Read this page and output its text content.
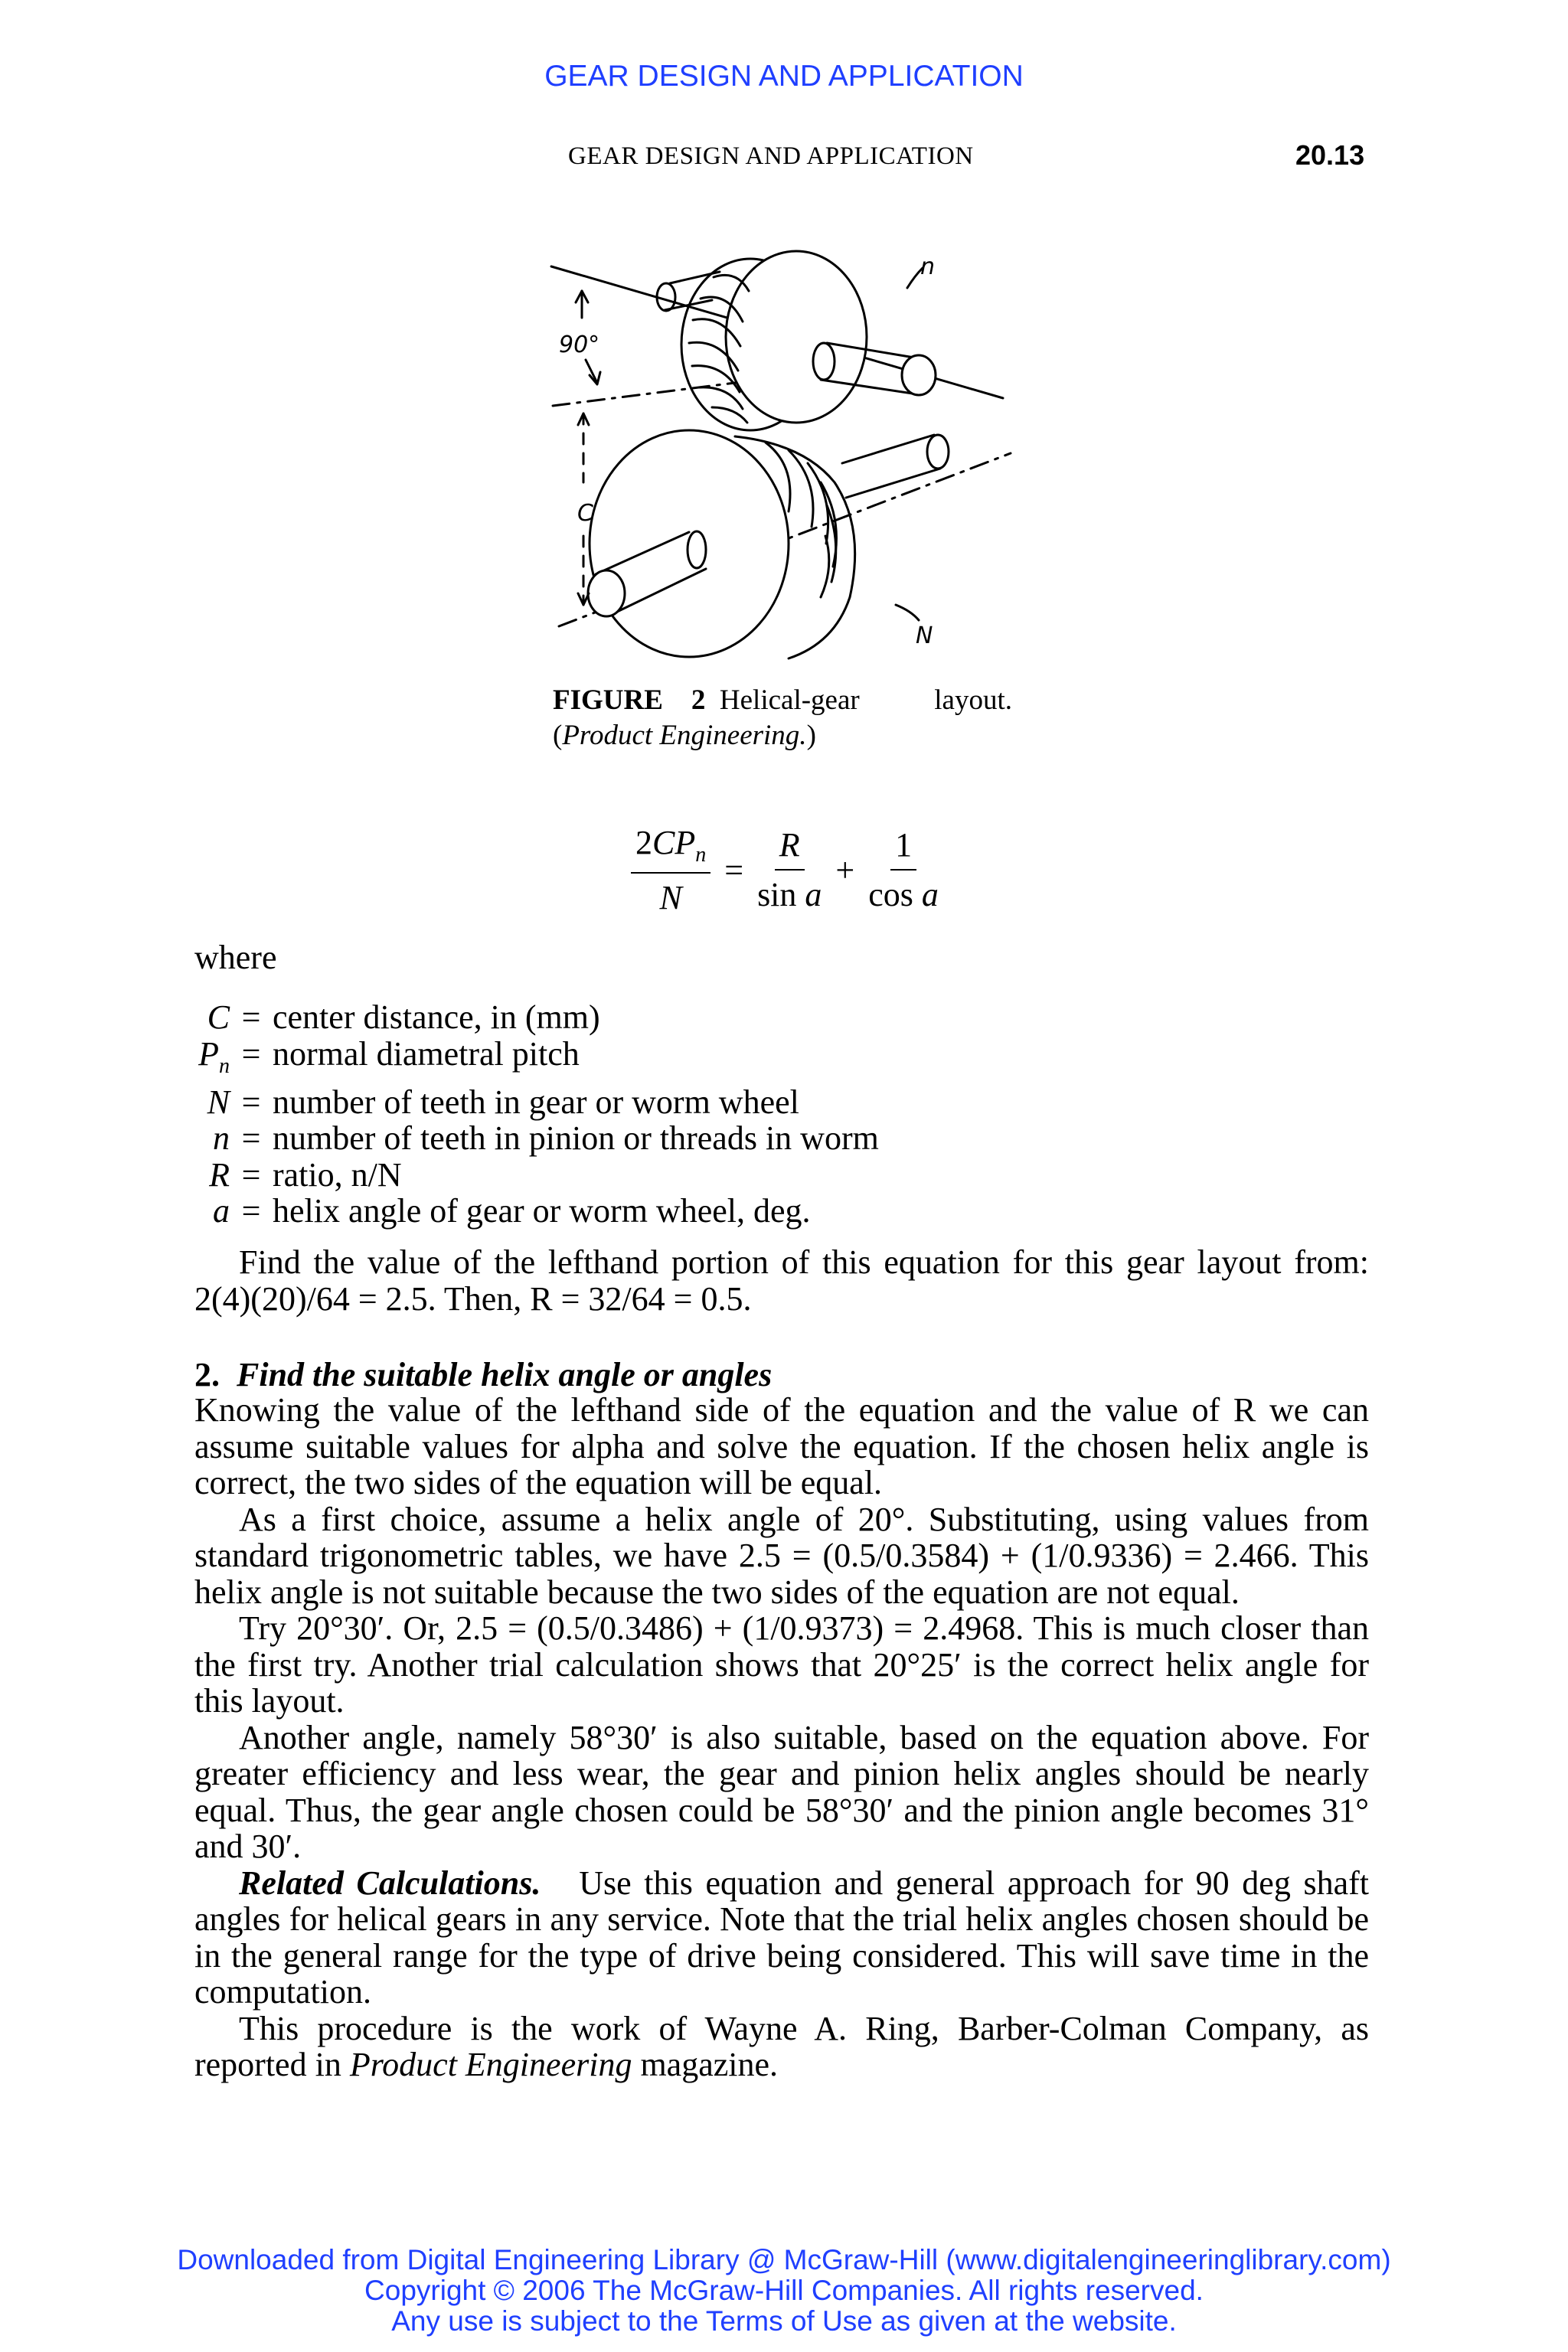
GEAR DESIGN AND APPLICATION
GEAR DESIGN AND APPLICATION	20.13
90°
C
n
N
FIGURE 2 Helical-gear	layout.
(Product Engineering.)
$\frac{2CP_n}{N} = \frac{R}{\text{sin a}} + \frac{1}{\text{cos a}}$
where
C = center distance, in (mm)
$P_n$ = normal diametral pitch
N = number of teeth in gear or worm wheel
n = number of teeth in pinion or threads in worm
R = ratio, n/N
a = helix angle of gear or worm wheel, deg.

Find the value of the lefthand portion of this equation for this gear layout from: 2(4)(20)/64 = 2.5. Then, R = 32/64 = 0.5.

2. Find the suitable helix angle or angles

Knowing the value of the lefthand side of the equation and the value of R we can assume suitable values for alpha and solve the equation. If the chosen helix angle is correct, the two sides of the equation will be equal.

As a first choice, assume a helix angle of 20°. Substituting, using values from standard trigonometric tables, we have 2.5 = (0.5/0.3584) + (1/0.9336) = 2.466. This helix angle is not suitable because the two sides of the equation are not equal.

Try 20°30′. Or, 2.5 = (0.5/0.3486) + (1/0.9373) = 2.4968. This is much closer than the first try. Another trial calculation shows that 20°25′ is the correct helix angle for this layout.

Another angle, namely 58°30′ is also suitable, based on the equation above. For greater efficiency and less wear, the gear and pinion helix angles should be nearly equal. Thus, the gear angle chosen could be 58°30′ and the pinion angle becomes 31° and 30′.

Related Calculations. Use this equation and general approach for 90 deg shaft angles for helical gears in any service. Note that the trial helix angles chosen should be in the general range for the type of drive being considered. This will save time in the computation.

This procedure is the work of Wayne A. Ring, Barber-Colman Company, as reported in Product Engineering magazine.

Downloaded from Digital Engineering Library @ McGraw-Hill (www.digitalengineeringlibrary.com)
Copyright © 2006 The McGraw-Hill Companies. All rights reserved.
Any use is subject to the Terms of Use as given at the website.
